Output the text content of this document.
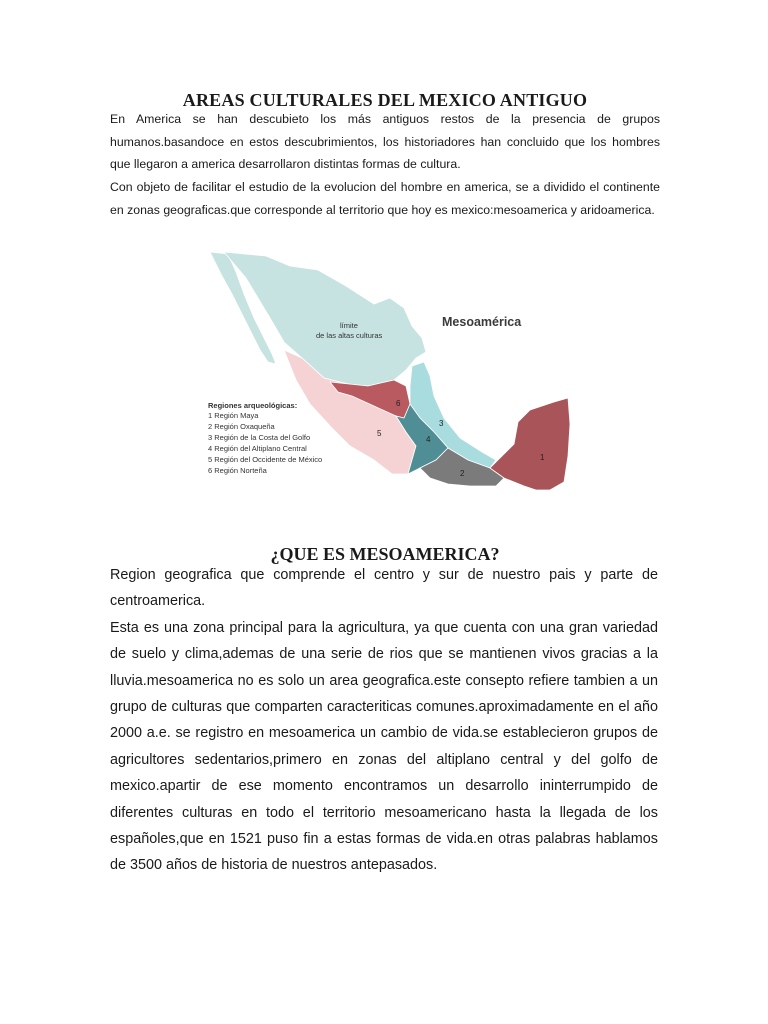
AREAS CULTURALES DEL MEXICO ANTIGUO

En America se han descubieto los más antiguos restos de la presencia de grupos humanos.basandoce en estos descubrimientos, los historiadores han concluido que los hombres que llegaron a america desarrollaron distintas formas de cultura.

Con objeto de facilitar el estudio de la evolucion del hombre en america, se a dividido el continente en zonas geograficas.que corresponde al territorio que hoy es mexico:mesoamerica y aridoamerica.

Mesoamérica
límite
de las altas culturas
1
2
3
4
5
6
Regiones arqueológicas:
1 Región Maya
2 Región Oxaqueña
3 Región de la Costa del Golfo
4 Región del Altiplano Central
5 Región del Occidente de México
6 Región Norteña
¿QUE ES MESOAMERICA?

Region geografica que comprende el centro y sur de nuestro pais y parte de centroamerica.

Esta es una zona principal para la agricultura, ya que cuenta con una gran variedad de suelo y clima,ademas de una serie de rios que se mantienen vivos gracias a la lluvia.mesoamerica no es solo un area geografica.este consepto refiere tambien a un grupo de culturas que comparten caracteriticas comunes.aproximadamente en el año 2000 a.e. se registro en mesoamerica un cambio de vida.se establecieron grupos de agricultores sedentarios,primero en zonas del altiplano central y del golfo de mexico.apartir de ese momento encontramos un desarrollo ininterrumpido de diferentes culturas en todo el territorio mesoamericano hasta la llegada de los españoles,que en 1521 puso fin a estas formas de vida.en otras palabras hablamos de 3500 años de historia de nuestros antepasados.
